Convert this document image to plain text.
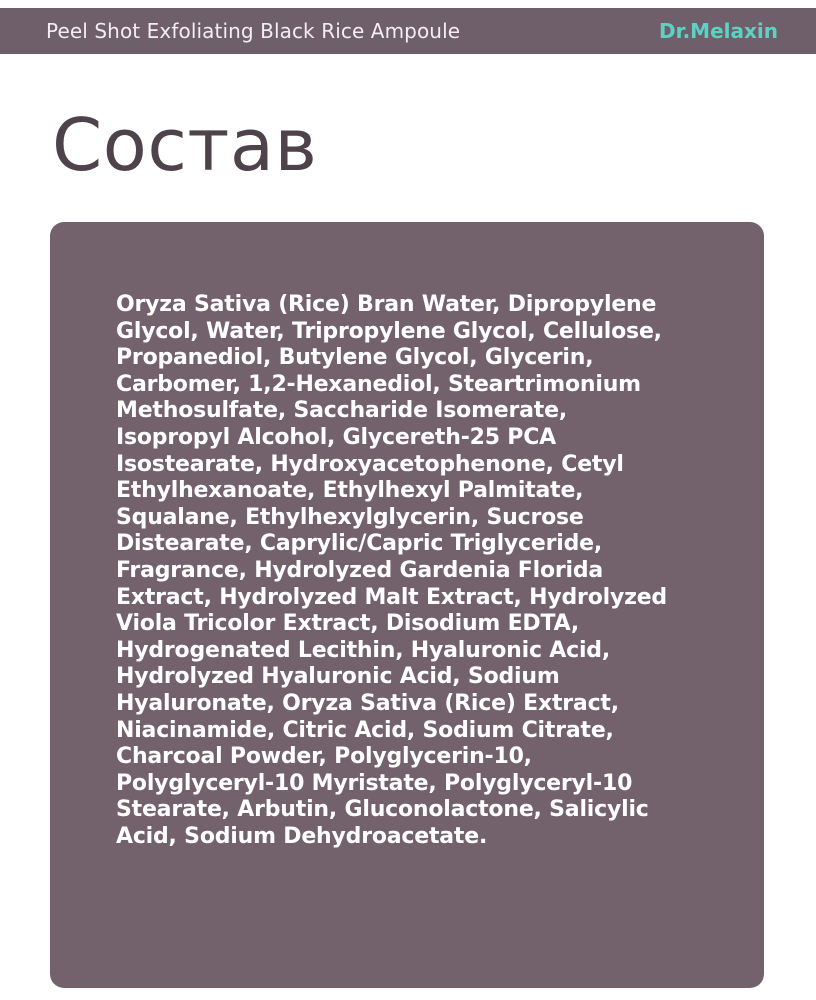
Peel Shot Exfoliating Black Rice Ampoule	Dr.Melaxin
Состав

Oryza Sativa (Rice) Bran Water, Dipropylene
Glycol, Water, Tripropylene Glycol, Cellulose,
Propanediol, Butylene Glycol, Glycerin,
Carbomer, 1,2-Hexanediol, Steartrimonium
Methosulfate, Saccharide Isomerate,
Isopropyl Alcohol, Glycereth-25 PCA
Isostearate, Hydroxyacetophenone, Cetyl
Ethylhexanoate, Ethylhexyl Palmitate,
Squalane, Ethylhexylglycerin, Sucrose
Distearate, Caprylic/Capric Triglyceride,
Fragrance, Hydrolyzed Gardenia Florida
Extract, Hydrolyzed Malt Extract, Hydrolyzed
Viola Tricolor Extract, Disodium EDTA,
Hydrogenated Lecithin, Hyaluronic Acid,
Hydrolyzed Hyaluronic Acid, Sodium
Hyaluronate, Oryza Sativa (Rice) Extract,
Niacinamide, Citric Acid, Sodium Citrate,
Charcoal Powder, Polyglycerin-10,
Polyglyceryl-10 Myristate, Polyglyceryl-10
Stearate, Arbutin, Gluconolactone, Salicylic
Acid, Sodium Dehydroacetate.
